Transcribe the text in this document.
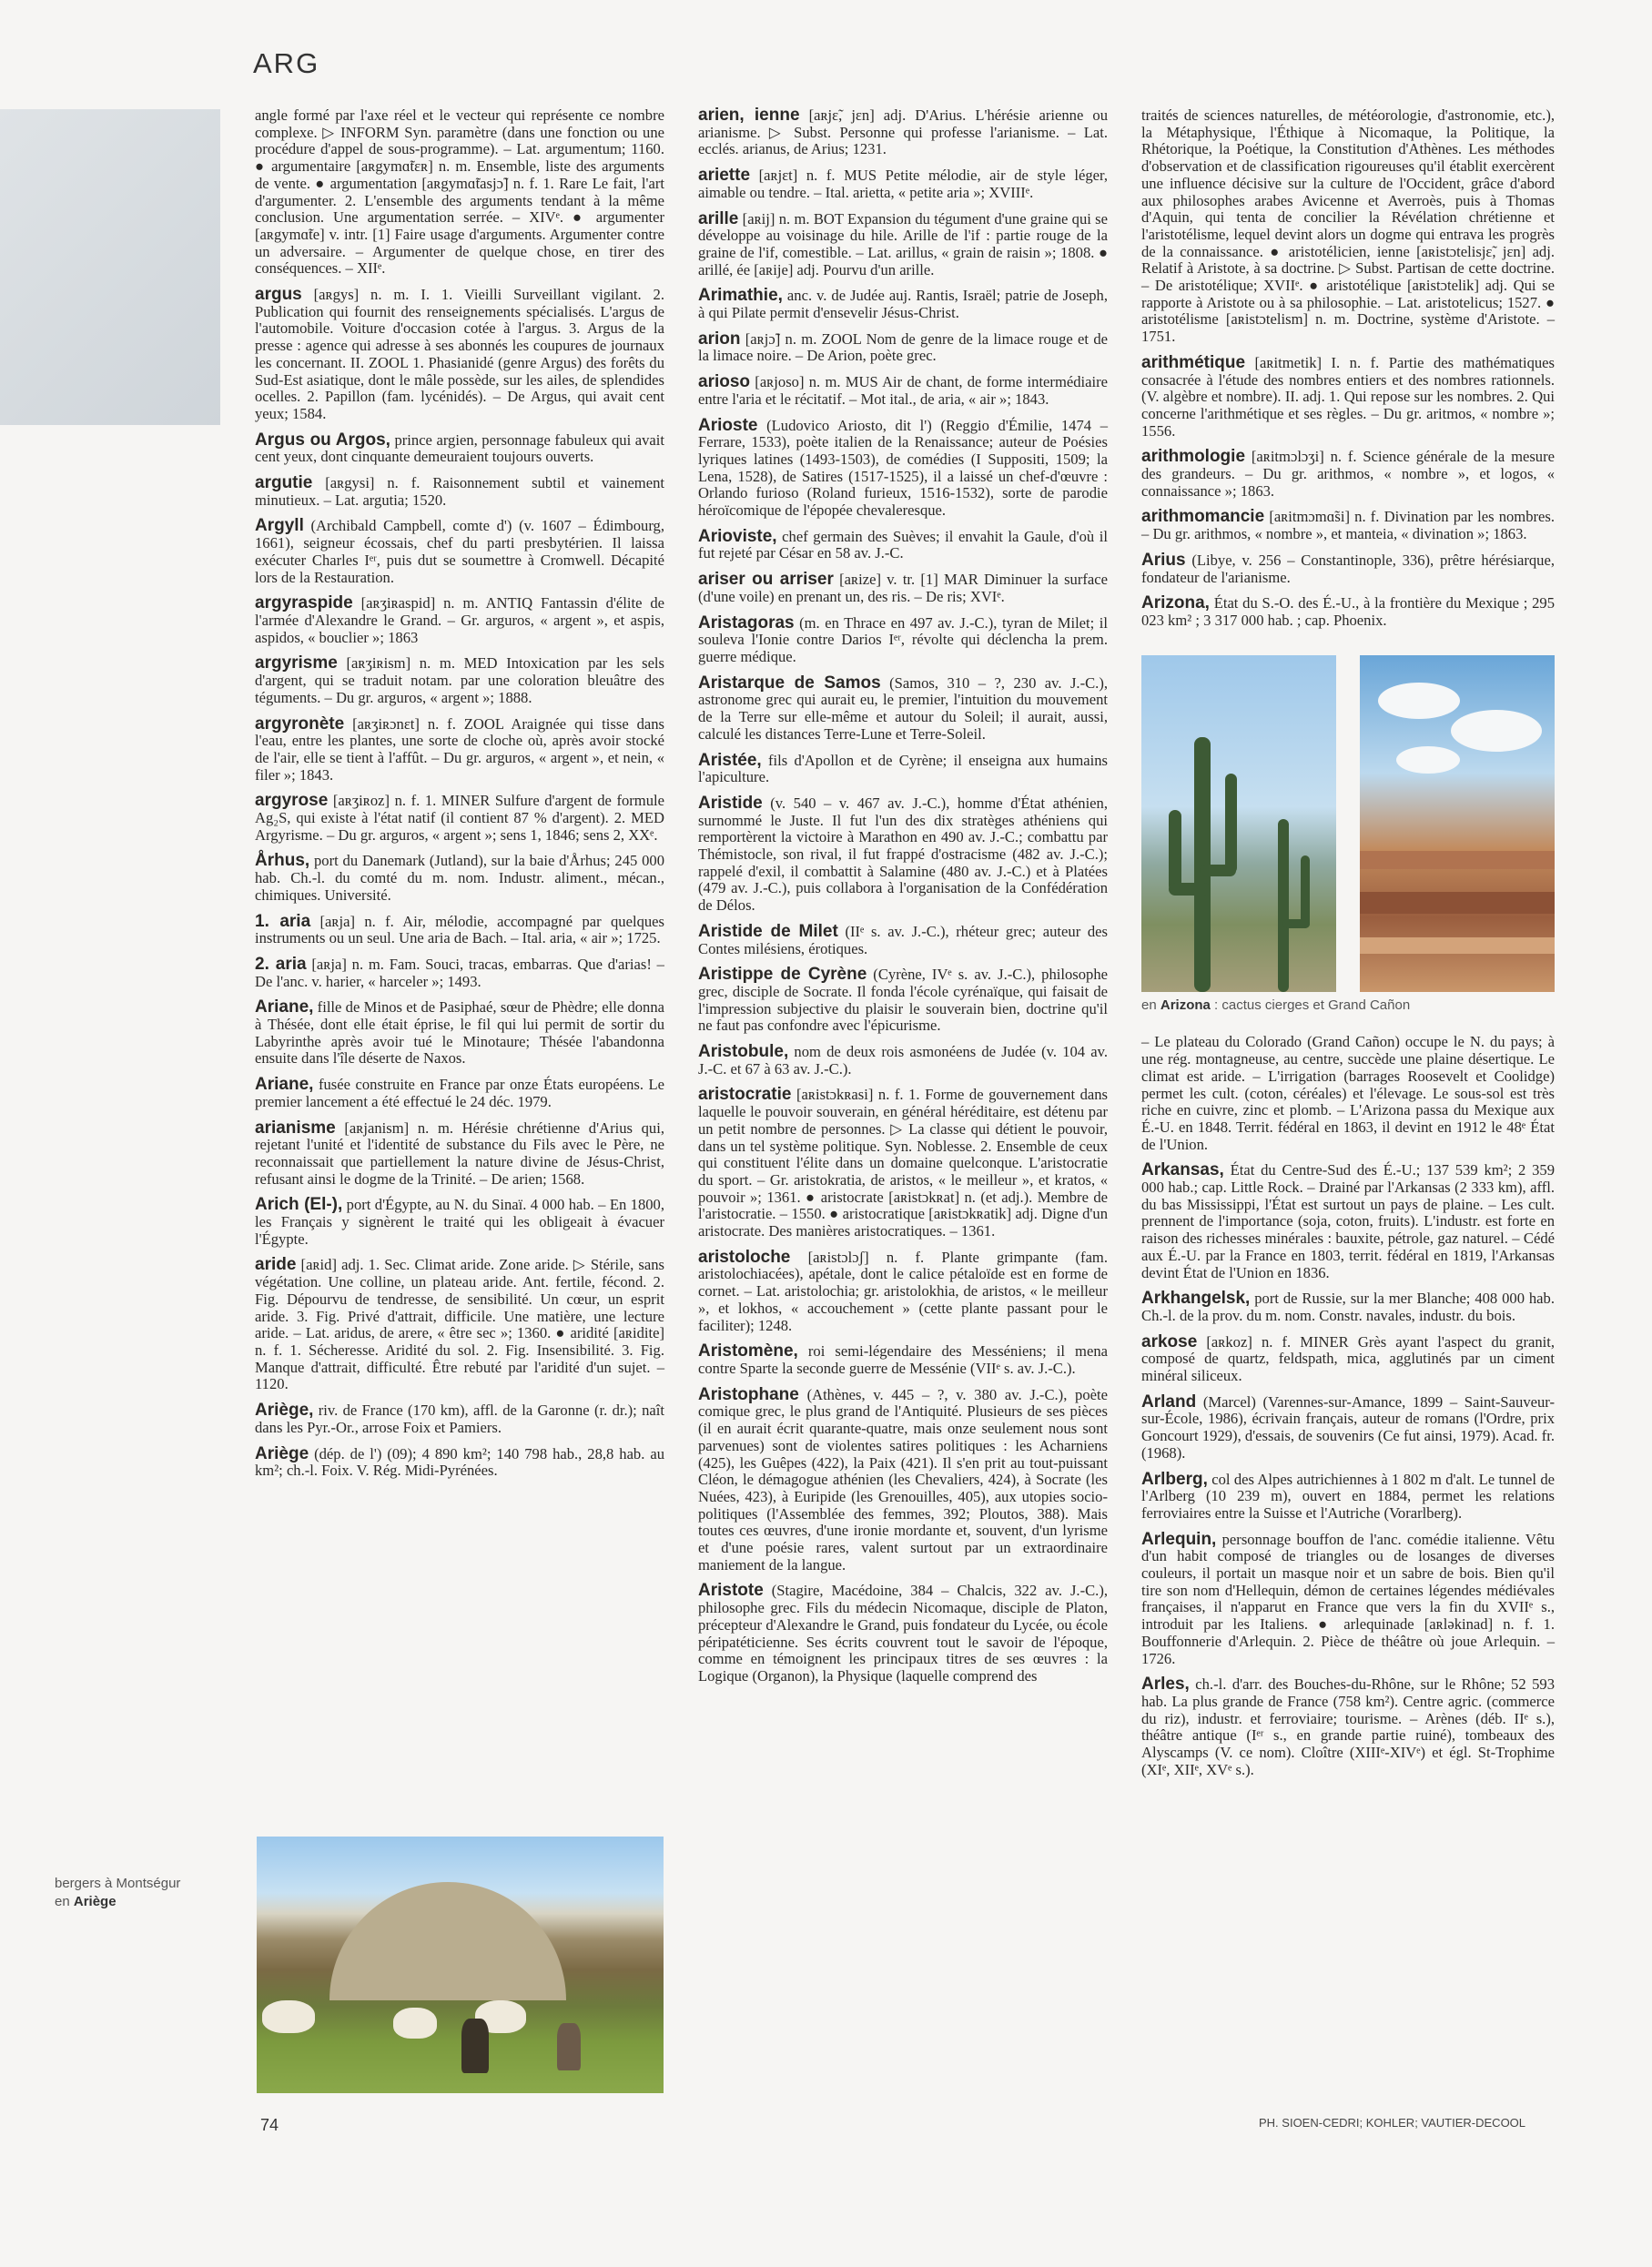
ARG

angle formé par l'axe réel et le vecteur qui représente ce nombre complexe. ▷ INFORM Syn. paramètre (dans une fonction ou une procédure d'appel de sous-programme). – Lat. argumentum; 1160. ● argumentaire [aʀgymɑ̃tɛʀ] n. m. Ensemble, liste des arguments de vente. ● argumentation [aʀgymɑ̃tasjɔ̃] n. f. 1. Rare Le fait, l'art d'argumenter. 2. L'ensemble des arguments tendant à la même conclusion. Une argumentation serrée. – XIVᵉ. ● argumenter [aʀgymɑ̃te] v. intr. [1] Faire usage d'arguments. Argumenter contre un adversaire. – Argumenter de quelque chose, en tirer des conséquences. – XIIᵉ.

argus [aʀgys] n. m. I. 1. Vieilli Surveillant vigilant. 2. Publication qui fournit des renseignements spécialisés. L'argus de l'automobile. Voiture d'occasion cotée à l'argus. 3. Argus de la presse : agence qui adresse à ses abonnés les coupures de journaux les concernant. II. ZOOL 1. Phasianidé (genre Argus) des forêts du Sud-Est asiatique, dont le mâle possède, sur les ailes, de splendides ocelles. 2. Papillon (fam. lycénidés). – De Argus, qui avait cent yeux; 1584.

Argus ou Argos, prince argien, personnage fabuleux qui avait cent yeux, dont cinquante demeuraient toujours ouverts.

argutie [aʀgysi] n. f. Raisonnement subtil et vainement minutieux. – Lat. argutia; 1520.

Argyll (Archibald Campbell, comte d') (v. 1607 – Édimbourg, 1661), seigneur écossais, chef du parti presbytérien. Il laissa exécuter Charles Iᵉʳ, puis dut se soumettre à Cromwell. Décapité lors de la Restauration.

argyraspide [aʀʒiʀaspid] n. m. ANTIQ Fantassin d'élite de l'armée d'Alexandre le Grand. – Gr. arguros, « argent », et aspis, aspidos, « bouclier »; 1863

argyrisme [aʀʒiʀism] n. m. MED Intoxication par les sels d'argent, qui se traduit notam. par une coloration bleuâtre des téguments. – Du gr. arguros, « argent »; 1888.

argyronète [aʀʒiʀɔnɛt] n. f. ZOOL Araignée qui tisse dans l'eau, entre les plantes, une sorte de cloche où, après avoir stocké de l'air, elle se tient à l'affût. – Du gr. arguros, « argent », et nein, « filer »; 1843.

argyrose [aʀʒiʀoz] n. f. 1. MINER Sulfure d'argent de formule Ag₂S, qui existe à l'état natif (il contient 87 % d'argent). 2. MED Argyrisme. – Du gr. arguros, « argent »; sens 1, 1846; sens 2, XXᵉ.

Århus, port du Danemark (Jutland), sur la baie d'Århus; 245 000 hab. Ch.-l. du comté du m. nom. Industr. aliment., mécan., chimiques. Université.

1. aria [aʀja] n. f. Air, mélodie, accompagné par quelques instruments ou un seul. Une aria de Bach. – Ital. aria, « air »; 1725.

2. aria [aʀja] n. m. Fam. Souci, tracas, embarras. Que d'arias! – De l'anc. v. harier, « harceler »; 1493.

Ariane, fille de Minos et de Pasiphaé, sœur de Phèdre; elle donna à Thésée, dont elle était éprise, le fil qui lui permit de sortir du Labyrinthe après avoir tué le Minotaure; Thésée l'abandonna ensuite dans l'île déserte de Naxos.

Ariane, fusée construite en France par onze États européens. Le premier lancement a été effectué le 24 déc. 1979.

arianisme [aʀjanism] n. m. Hérésie chrétienne d'Arius qui, rejetant l'unité et l'identité de substance du Fils avec le Père, ne reconnaissait que partiellement la nature divine de Jésus-Christ, refusant ainsi le dogme de la Trinité. – De arien; 1568.

Arich (El-), port d'Égypte, au N. du Sinaï. 4 000 hab. – En 1800, les Français y signèrent le traité qui les obligeait à évacuer l'Égypte.

aride [aʀid] adj. 1. Sec. Climat aride. Zone aride. ▷ Stérile, sans végétation. Une colline, un plateau aride. Ant. fertile, fécond. 2. Fig. Dépourvu de tendresse, de sensibilité. Un cœur, un esprit aride. 3. Fig. Privé d'attrait, difficile. Une matière, une lecture aride. – Lat. aridus, de arere, « être sec »; 1360. ● aridité [aʀidite] n. f. 1. Sécheresse. Aridité du sol. 2. Fig. Insensibilité. 3. Fig. Manque d'attrait, difficulté. Être rebuté par l'aridité d'un sujet. – 1120.

Ariège, riv. de France (170 km), affl. de la Garonne (r. dr.); naît dans les Pyr.-Or., arrose Foix et Pamiers.

Ariège (dép. de l') (09); 4 890 km²; 140 798 hab., 28,8 hab. au km²; ch.-l. Foix. V. Rég. Midi-Pyrénées.

arien, ienne [aʀjɛ̃, jɛn] adj. D'Arius. L'hérésie arienne ou arianisme. ▷ Subst. Personne qui professe l'arianisme. – Lat. ecclés. arianus, de Arius; 1231.

ariette [aʀjɛt] n. f. MUS Petite mélodie, air de style léger, aimable ou tendre. – Ital. arietta, « petite aria »; XVIIIᵉ.

arille [aʀij] n. m. BOT Expansion du tégument d'une graine qui se développe au voisinage du hile. Arille de l'if : partie rouge de la graine de l'if, comestible. – Lat. arillus, « grain de raisin »; 1808. ● arillé, ée [aʀije] adj. Pourvu d'un arille.

Arimathie, anc. v. de Judée auj. Rantis, Israël; patrie de Joseph, à qui Pilate permit d'ensevelir Jésus-Christ.

arion [aʀjɔ̃] n. m. ZOOL Nom de genre de la limace rouge et de la limace noire. – De Arion, poète grec.

arioso [aʀjoso] n. m. MUS Air de chant, de forme intermédiaire entre l'aria et le récitatif. – Mot ital., de aria, « air »; 1843.

Arioste (Ludovico Ariosto, dit l') (Reggio d'Émilie, 1474 – Ferrare, 1533), poète italien de la Renaissance; auteur de Poésies lyriques latines (1493-1503), de comédies (I Suppositi, 1509; la Lena, 1528), de Satires (1517-1525), il a laissé un chef-d'œuvre : Orlando furioso (Roland furieux, 1516-1532), sorte de parodie héroïcomique de l'épopée chevaleresque.

Arioviste, chef germain des Suèves; il envahit la Gaule, d'où il fut rejeté par César en 58 av. J.-C.

ariser ou arriser [aʀize] v. tr. [1] MAR Diminuer la surface (d'une voile) en prenant un, des ris. – De ris; XVIᵉ.

Aristagoras (m. en Thrace en 497 av. J.-C.), tyran de Milet; il souleva l'Ionie contre Darios Iᵉʳ, révolte qui déclencha la prem. guerre médique.

Aristarque de Samos (Samos, 310 – ?, 230 av. J.-C.), astronome grec qui aurait eu, le premier, l'intuition du mouvement de la Terre sur elle-même et autour du Soleil; il aurait, aussi, calculé les distances Terre-Lune et Terre-Soleil.

Aristée, fils d'Apollon et de Cyrène; il enseigna aux humains l'apiculture.

Aristide (v. 540 – v. 467 av. J.-C.), homme d'État athénien, surnommé le Juste. Il fut l'un des dix stratèges athéniens qui remportèrent la victoire à Marathon en 490 av. J.-C.; combattu par Thémistocle, son rival, il fut frappé d'ostracisme (482 av. J.-C.); rappelé d'exil, il combattit à Salamine (480 av. J.-C.) et à Platées (479 av. J.-C.), puis collabora à l'organisation de la Confédération de Délos.

Aristide de Milet (IIᵉ s. av. J.-C.), rhéteur grec; auteur des Contes milésiens, érotiques.

Aristippe de Cyrène (Cyrène, IVᵉ s. av. J.-C.), philosophe grec, disciple de Socrate. Il fonda l'école cyrénaïque, qui faisait de l'impression subjective du plaisir le souverain bien, doctrine qu'il ne faut pas confondre avec l'épicurisme.

Aristobule, nom de deux rois asmonéens de Judée (v. 104 av. J.-C. et 67 à 63 av. J.-C.).

aristocratie [aʀistɔkʀasi] n. f. 1. Forme de gouvernement dans laquelle le pouvoir souverain, en général héréditaire, est détenu par un petit nombre de personnes. ▷ La classe qui détient le pouvoir, dans un tel système politique. Syn. Noblesse. 2. Ensemble de ceux qui constituent l'élite dans un domaine quelconque. L'aristocratie du sport. – Gr. aristokratia, de aristos, « le meilleur », et kratos, « pouvoir »; 1361. ● aristocrate [aʀistɔkʀat] n. (et adj.). Membre de l'aristocratie. – 1550. ● aristocratique [aʀistɔkʀatik] adj. Digne d'un aristocrate. Des manières aristocratiques. – 1361.

aristoloche [aʀistɔlɔʃ] n. f. Plante grimpante (fam. aristolochiacées), apétale, dont le calice pétaloïde est en forme de cornet. – Lat. aristolochia; gr. aristolokhia, de aristos, « le meilleur », et lokhos, « accouchement » (cette plante passant pour le faciliter); 1248.

Aristomène, roi semi-légendaire des Messéniens; il mena contre Sparte la seconde guerre de Messénie (VIIᵉ s. av. J.-C.).

Aristophane (Athènes, v. 445 – ?, v. 380 av. J.-C.), poète comique grec, le plus grand de l'Antiquité. Plusieurs de ses pièces (il en aurait écrit quarante-quatre, mais onze seulement nous sont parvenues) sont de violentes satires politiques : les Acharniens (425), les Guêpes (422), la Paix (421). Il s'en prit au tout-puissant Cléon, le démagogue athénien (les Chevaliers, 424), à Socrate (les Nuées, 423), à Euripide (les Grenouilles, 405), aux utopies socio-politiques (l'Assemblée des femmes, 392; Ploutos, 388). Mais toutes ces œuvres, d'une ironie mordante et, souvent, d'un lyrisme et d'une poésie rares, valent surtout par un extraordinaire maniement de la langue.

Aristote (Stagire, Macédoine, 384 – Chalcis, 322 av. J.-C.), philosophe grec. Fils du médecin Nicomaque, disciple de Platon, précepteur d'Alexandre le Grand, puis fondateur du Lycée, ou école péripatéticienne. Ses écrits couvrent tout le savoir de l'époque, comme en témoignent les principaux titres de ses œuvres : la Logique (Organon), la Physique (laquelle comprend des

traités de sciences naturelles, de météorologie, d'astronomie, etc.), la Métaphysique, l'Éthique à Nicomaque, la Politique, la Rhétorique, la Poétique, la Constitution d'Athènes. Les méthodes d'observation et de classification rigoureuses qu'il établit exercèrent une influence décisive sur la culture de l'Occident, grâce d'abord aux philosophes arabes Avicenne et Averroès, puis à Thomas d'Aquin, qui tenta de concilier la Révélation chrétienne et l'aristotélisme, lequel devint alors un dogme qui entrava les progrès de la connaissance. ● aristotélicien, ienne [aʀistɔtelisjɛ̃, jɛn] adj. Relatif à Aristote, à sa doctrine. ▷ Subst. Partisan de cette doctrine. – De aristotélique; XVIIᵉ. ● aristotélique [aʀistɔtelik] adj. Qui se rapporte à Aristote ou à sa philosophie. – Lat. aristotelicus; 1527. ● aristotélisme [aʀistɔtelism] n. m. Doctrine, système d'Aristote. – 1751.

arithmétique [aʀitmetik] I. n. f. Partie des mathématiques consacrée à l'étude des nombres entiers et des nombres rationnels. (V. algèbre et nombre). II. adj. 1. Qui repose sur les nombres. 2. Qui concerne l'arithmétique et ses règles. – Du gr. aritmos, « nombre »; 1556.

arithmologie [aʀitmɔlɔʒi] n. f. Science générale de la mesure des grandeurs. – Du gr. arithmos, « nombre », et logos, « connaissance »; 1863.

arithmomancie [aʀitmɔmɑ̃si] n. f. Divination par les nombres. – Du gr. arithmos, « nombre », et manteia, « divination »; 1863.

Arius (Libye, v. 256 – Constantinople, 336), prêtre hérésiarque, fondateur de l'arianisme.

Arizona, État du S.-O. des É.-U., à la frontière du Mexique ; 295 023 km² ; 3 317 000 hab. ; cap. Phoenix.

en Arizona : cactus cierges et Grand Cañon

– Le plateau du Colorado (Grand Cañon) occupe le N. du pays; à une rég. montagneuse, au centre, succède une plaine désertique. Le climat est aride. – L'irrigation (barrages Roosevelt et Coolidge) permet les cult. (coton, céréales) et l'élevage. Le sous-sol est très riche en cuivre, zinc et plomb. – L'Arizona passa du Mexique aux É.-U. en 1848. Territ. fédéral en 1863, il devint en 1912 le 48ᵉ État de l'Union.

Arkansas, État du Centre-Sud des É.-U.; 137 539 km²; 2 359 000 hab.; cap. Little Rock. – Drainé par l'Arkansas (2 333 km), affl. du bas Mississippi, l'État est surtout un pays de plaine. – Les cult. prennent de l'importance (soja, coton, fruits). L'industr. est forte en raison des richesses minérales : bauxite, pétrole, gaz naturel. – Cédé aux É.-U. par la France en 1803, territ. fédéral en 1819, l'Arkansas devint État de l'Union en 1836.

Arkhangelsk, port de Russie, sur la mer Blanche; 408 000 hab. Ch.-l. de la prov. du m. nom. Constr. navales, industr. du bois.

arkose [aʀkoz] n. f. MINER Grès ayant l'aspect du granit, composé de quartz, feldspath, mica, agglutinés par un ciment minéral siliceux.

Arland (Marcel) (Varennes-sur-Amance, 1899 – Saint-Sauveur-sur-École, 1986), écrivain français, auteur de romans (l'Ordre, prix Goncourt 1929), d'essais, de souvenirs (Ce fut ainsi, 1979). Acad. fr. (1968).

Arlberg, col des Alpes autrichiennes à 1 802 m d'alt. Le tunnel de l'Arlberg (10 239 m), ouvert en 1884, permet les relations ferroviaires entre la Suisse et l'Autriche (Vorarlberg).

Arlequin, personnage bouffon de l'anc. comédie italienne. Vêtu d'un habit composé de triangles ou de losanges de diverses couleurs, il portait un masque noir et un sabre de bois. Bien qu'il tire son nom d'Hellequin, démon de certaines légendes médiévales françaises, il n'apparut en France que vers la fin du XVIIᵉ s., introduit par les Italiens. ● arlequinade [aʀləkinad] n. f. 1. Bouffonnerie d'Arlequin. 2. Pièce de théâtre où joue Arlequin. – 1726.

Arles, ch.-l. d'arr. des Bouches-du-Rhône, sur le Rhône; 52 593 hab. La plus grande de France (758 km²). Centre agric. (commerce du riz), industr. et ferroviaire; tourisme. – Arènes (déb. IIᵉ s.), théâtre antique (Iᵉʳ s., en grande partie ruiné), tombeaux des Alyscamps (V. ce nom). Cloître (XIIIᵉ-XIVᵉ) et égl. St-Trophime (XIᵉ, XIIᵉ, XVᵉ s.).

bergers à Montségur
en Ariège
74	PH. SIOEN-CEDRI; KOHLER; VAUTIER-DECOOL
